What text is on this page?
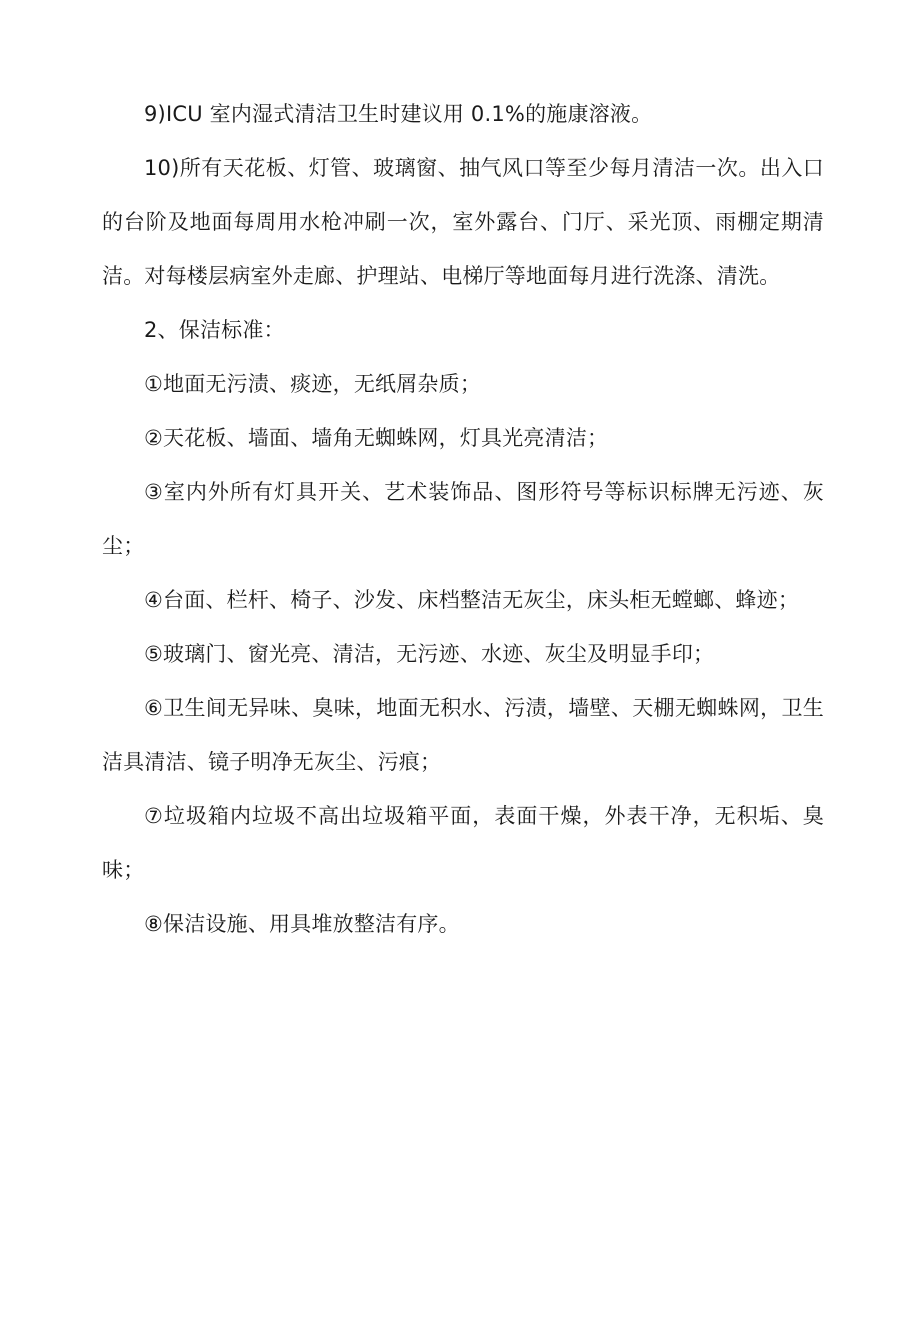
9)ICU 室内湿式清洁卫生时建议用 0.1%的施康溶液。

10)所有天花板、灯管、玻璃窗、抽气风口等至少每月清洁一次。出入口的台阶及地面每周用水枪冲刷一次，室外露台、门厅、采光顶、雨棚定期清洁。对每楼层病室外走廊、护理站、电梯厅等地面每月进行洗涤、清洗。

2、保洁标准：

①地面无污渍、痰迹，无纸屑杂质；

②天花板、墙面、墙角无蜘蛛网，灯具光亮清洁；

③室内外所有灯具开关、艺术装饰品、图形符号等标识标牌无污迹、灰尘；

④台面、栏杆、椅子、沙发、床档整洁无灰尘，床头柜无螳螂、蜂迹；

⑤玻璃门、窗光亮、清洁，无污迹、水迹、灰尘及明显手印；

⑥卫生间无异味、臭味，地面无积水、污渍，墙壁、天棚无蜘蛛网，卫生洁具清洁、镜子明净无灰尘、污痕；

⑦垃圾箱内垃圾不高出垃圾箱平面，表面干燥，外表干净，无积垢、臭味；

⑧保洁设施、用具堆放整洁有序。
